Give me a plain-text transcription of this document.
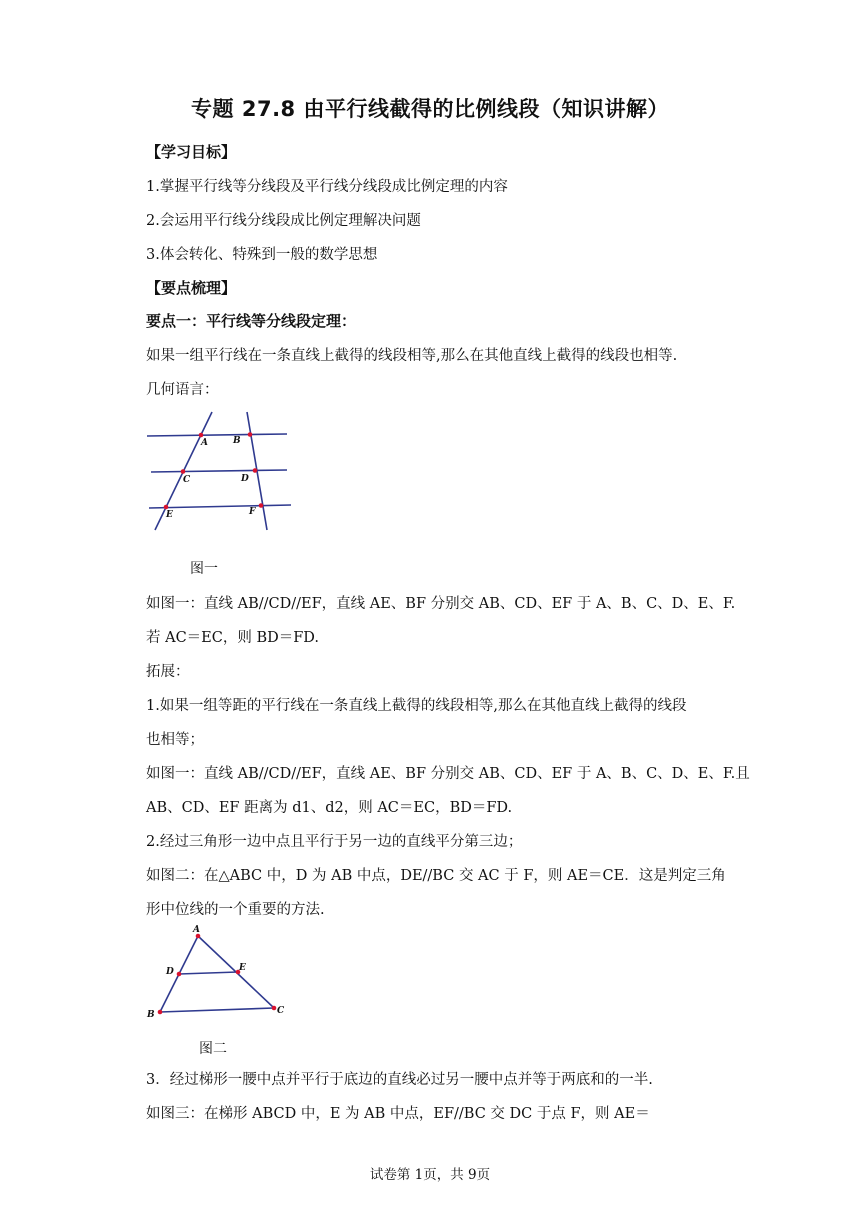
专题 27.8 由平行线截得的比例线段（知识讲解）
【学习目标】
1.掌握平行线等分线段及平行线分线段成比例定理的内容
2.会运用平行线分线段成比例定理解决问题
3.体会转化、特殊到一般的数学思想
【要点梳理】
要点一：平行线等分线段定理：
如果一组平行线在一条直线上截得的线段相等,那么在其他直线上截得的线段也相等.
几何语言：
A	B
C	D
E	F
图一
如图一：直线 AB//CD//EF，直线 AE、BF 分别交 AB、CD、EF 于 A、B、C、D、E、F.
若 AC＝EC，则 BD＝FD.
拓展：
1.如果一组等距的平行线在一条直线上截得的线段相等,那么在其他直线上截得的线段
也相等；
如图一：直线 AB//CD//EF，直线 AE、BF 分别交 AB、CD、EF 于 A、B、C、D、E、F.且
AB、CD、EF 距离为 d1、d2，则 AC＝EC，BD＝FD.
2.经过三角形一边中点且平行于另一边的直线平分第三边；
如图二：在△ABC 中，D 为 AB 中点，DE//BC 交 AC 于 F，则 AE＝CE．这是判定三角
形中位线的一个重要的方法.
A
D	E
B	C
图二
3．经过梯形一腰中点并平行于底边的直线必过另一腰中点并等于两底和的一半.
如图三：在梯形 ABCD 中，E 为 AB 中点，EF//BC 交 DC 于点 F，则 AE＝
试卷第 1页，共 9页
